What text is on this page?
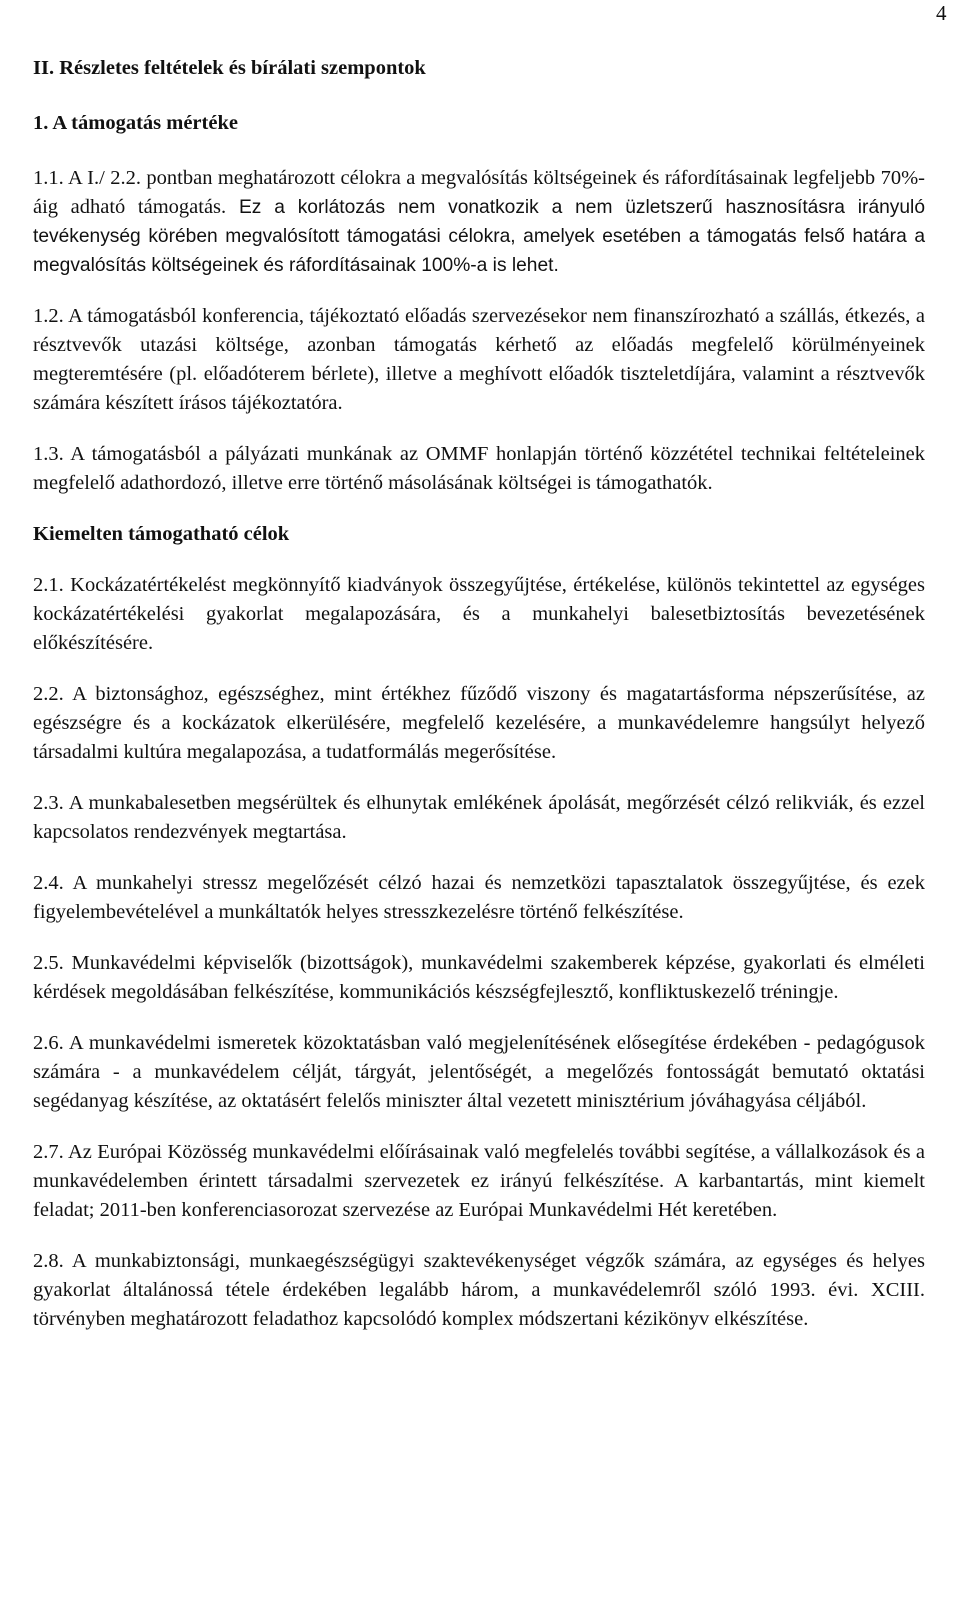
4

II. Részletes feltételek és bírálati szempontok

1. A támogatás mértéke

1.1. A I./ 2.2. pontban meghatározott célokra a megvalósítás költségeinek és ráfordításainak legfeljebb 70%-áig adható támogatás. Ez a korlátozás nem vonatkozik a nem üzletszerű hasznosításra irányuló tevékenység körében megvalósított támogatási célokra, amelyek esetében a támogatás felső határa a megvalósítás költségeinek és ráfordításainak 100%-a is lehet.

1.2. A támogatásból konferencia, tájékoztató előadás szervezésekor nem finanszírozható a szállás, étkezés, a résztvevők utazási költsége, azonban támogatás kérhető az előadás megfelelő körülményeinek megteremtésére (pl. előadóterem bérlete), illetve a meghívott előadók tiszteletdíjára, valamint a résztvevők számára készített írásos tájékoztatóra.

1.3. A támogatásból a pályázati munkának az OMMF honlapján történő közzététel technikai feltételeinek megfelelő adathordozó, illetve erre történő másolásának költségei is támogathatók.

Kiemelten támogatható célok

2.1. Kockázatértékelést megkönnyítő kiadványok összegyűjtése, értékelése, különös tekintettel az egységes kockázatértékelési gyakorlat megalapozására, és a munkahelyi balesetbiztosítás bevezetésének előkészítésére.

2.2. A biztonsághoz, egészséghez, mint értékhez fűződő viszony és magatartásforma népszerűsítése, az egészségre és a kockázatok elkerülésére, megfelelő kezelésére, a munkavédelemre hangsúlyt helyező társadalmi kultúra megalapozása, a tudatformálás megerősítése.

2.3. A munkabalesetben megsérültek és elhunytak emlékének ápolását, megőrzését célzó relikviák, és ezzel kapcsolatos rendezvények megtartása.

2.4. A munkahelyi stressz megelőzését célzó hazai és nemzetközi tapasztalatok összegyűjtése, és ezek figyelembevételével a munkáltatók helyes stresszkezelésre történő felkészítése.

2.5. Munkavédelmi képviselők (bizottságok), munkavédelmi szakemberek képzése, gyakorlati és elméleti kérdések megoldásában felkészítése, kommunikációs készségfejlesztő, konfliktuskezelő tréningje.

2.6. A munkavédelmi ismeretek közoktatásban való megjelenítésének elősegítése érdekében - pedagógusok számára - a munkavédelem célját, tárgyát, jelentőségét, a megelőzés fontosságát bemutató oktatási segédanyag készítése, az oktatásért felelős miniszter által vezetett minisztérium jóváhagyása céljából.

2.7. Az Európai Közösség munkavédelmi előírásainak való megfelelés további segítése, a vállalkozások és a munkavédelemben érintett társadalmi szervezetek ez irányú felkészítése. A karbantartás, mint kiemelt feladat; 2011-ben konferenciasorozat szervezése az Európai Munkavédelmi Hét keretében.

2.8. A munkabiztonsági, munkaegészségügyi szaktevékenységet végzők számára, az egységes és helyes gyakorlat általánossá tétele érdekében legalább három, a munkavédelemről szóló 1993. évi. XCIII. törvényben meghatározott feladathoz kapcsolódó komplex módszertani kézikönyv elkészítése.
